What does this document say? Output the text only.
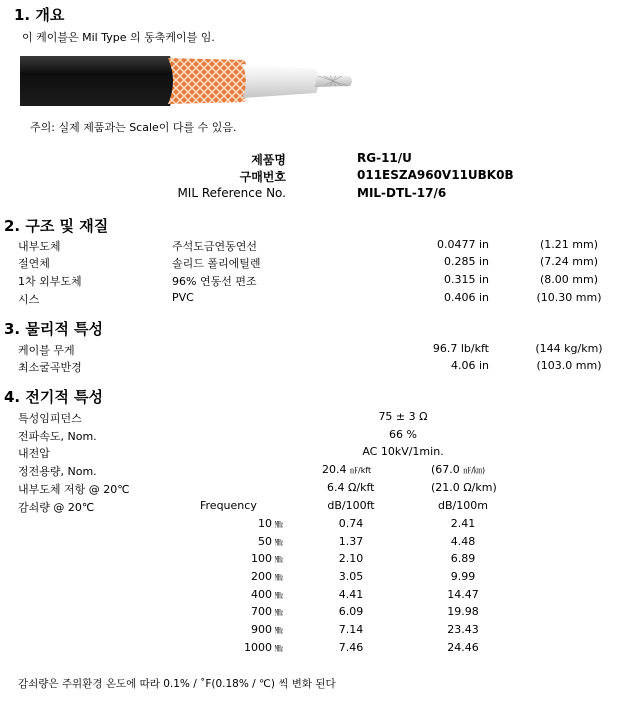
1. 개요
이 케이블은 Mil Type 의 동축케이블 임.
주의: 실제 제품과는 Scale이 다를 수 있음.
제품명	RG-11/U
구매번호	011ESZA960V11UBK0B
MIL Reference No.	MIL-DTL-17/6
2. 구조 및 재질
내부도체	주석도금연동연선	0.0477 in	(1.21 mm)
절연체	솔리드 폴리에틸렌	0.285 in	(7.24 mm)
1차 외부도체	96% 연동선 편조	0.315 in	(8.00 mm)
시스	PVC	0.406 in	(10.30 mm)
3. 물리적 특성
케이블 무게	96.7 lb/kft	(144 kg/km)
최소굴곡반경	4.06 in	(103.0 mm)
4. 전기적 특성
특성임피던스	75 ± 3 Ω
전파속도, Nom.	66 %
내전압	AC 10kV/1min.
정전용량, Nom.	20.4 ㎋/kft	(67.0 ㎋/㎞)
내부도체 저항 @ 20℃	6.4 Ω/kft	(21.0 Ω/km)
감쇠량 @ 20℃	Frequency	dB/100ft	dB/100m
10 ㎒	0.74	2.41
50 ㎒	1.37	4.48
100 ㎒	2.10	6.89
200 ㎒	3.05	9.99
400 ㎒	4.41	14.47
700 ㎒	6.09	19.98
900 ㎒	7.14	23.43
1000 ㎒	7.46	24.46
감쇠량은 주위환경 온도에 따라 0.1% / ˚F(0.18% / ℃) 씩 변화 된다
